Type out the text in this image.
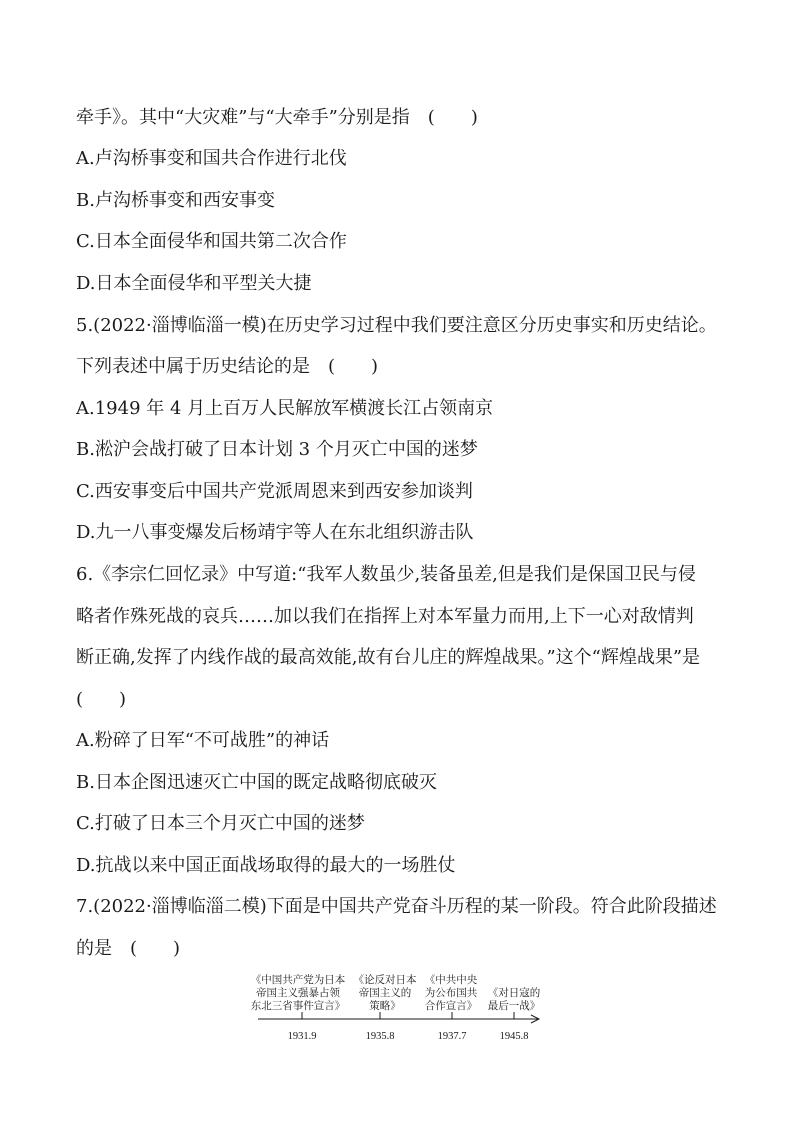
牵手》。其中“大灾难”与“大牵手”分别是指　(　　)
A.卢沟桥事变和国共合作进行北伐
B.卢沟桥事变和西安事变
C.日本全面侵华和国共第二次合作
D.日本全面侵华和平型关大捷
5.(2022·淄博临淄一模)在历史学习过程中我们要注意区分历史事实和历史结论。
下列表述中属于历史结论的是　(　　)
A.1949 年 4 月上百万人民解放军横渡长江占领南京
B.淞沪会战打破了日本计划 3 个月灭亡中国的迷梦
C.西安事变后中国共产党派周恩来到西安参加谈判
D.九一八事变爆发后杨靖宇等人在东北组织游击队
6.《李宗仁回忆录》中写道:“我军人数虽少,装备虽差,但是我们是保国卫民与侵
略者作殊死战的哀兵……加以我们在指挥上对本军量力而用,上下一心对敌情判
断正确,发挥了内线作战的最高效能,故有台儿庄的辉煌战果。”这个“辉煌战果”是
(　　)
A.粉碎了日军“不可战胜”的神话
B.日本企图迅速灭亡中国的既定战略彻底破灭
C.打破了日本三个月灭亡中国的迷梦
D.抗战以来中国正面战场取得的最大的一场胜仗
7.(2022·淄博临淄二模)下面是中国共产党奋斗历程的某一阶段。符合此阶段描述
的是　(　　)
《中国共产党为日本
帝国主义强暴占领
东北三省事件宣言》
《论反对日本
帝国主义的
策略》
《中共中央
为公布国共
合作宣言》
《对日寇的
最后一战》
1931.9	1935.8	1937.7	1945.8
